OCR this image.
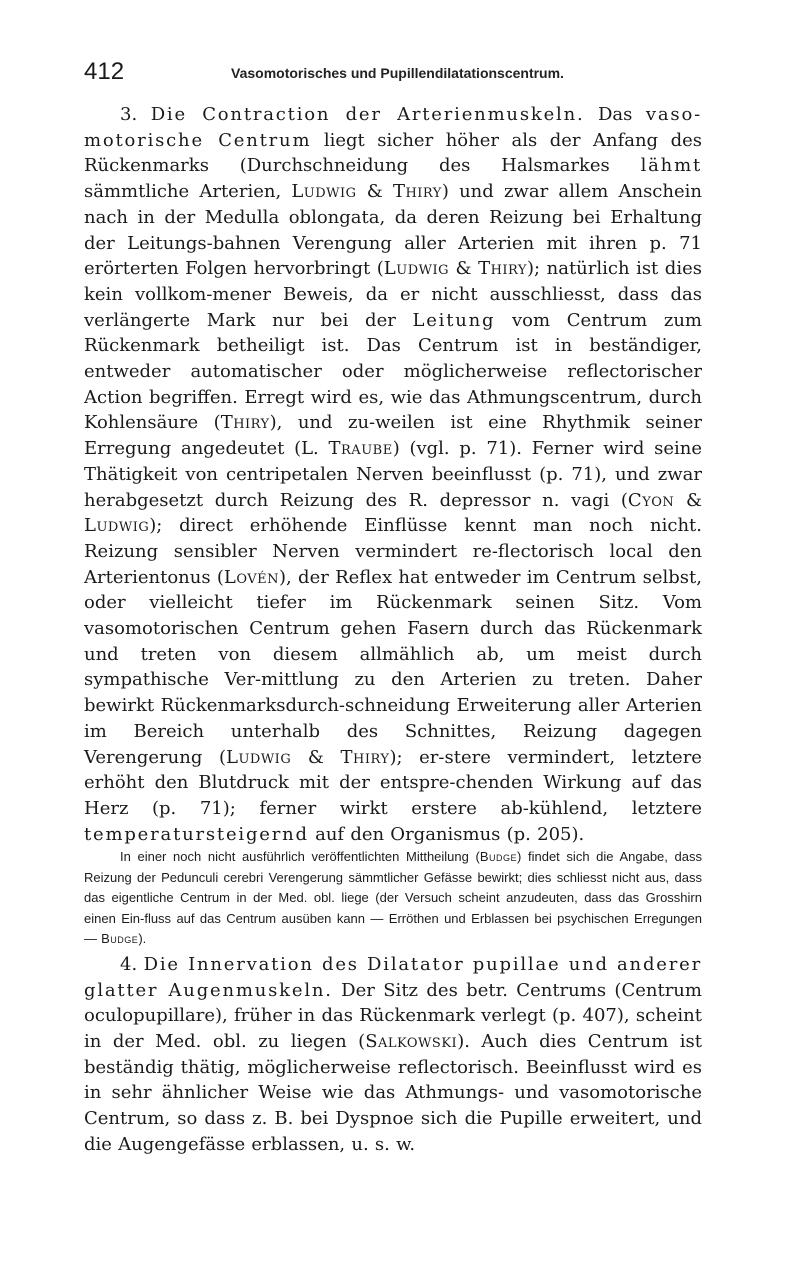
412	Vasomotorisches und Pupillendilatationscentrum.

3. Die Contraction der Arterienmuskeln. Das vaso-motorische Centrum liegt sicher höher als der Anfang des Rückenmarks (Durchschneidung des Halsmarkes lähmt sämmtliche Arterien, Ludwig & Thiry) und zwar allem Anschein nach in der Medulla oblongata, da deren Reizung bei Erhaltung der Leitungs-bahnen Verengung aller Arterien mit ihren p. 71 erörterten Folgen hervorbringt (Ludwig & Thiry); natürlich ist dies kein vollkom-mener Beweis, da er nicht ausschliesst, dass das verlängerte Mark nur bei der Leitung vom Centrum zum Rückenmark betheiligt ist. Das Centrum ist in beständiger, entweder automatischer oder möglicherweise reflectorischer Action begriffen. Erregt wird es, wie das Athmungscentrum, durch Kohlensäure (Thiry), und zu-weilen ist eine Rhythmik seiner Erregung angedeutet (L. Traube) (vgl. p. 71). Ferner wird seine Thätigkeit von centripetalen Nerven beeinflusst (p. 71), und zwar herabgesetzt durch Reizung des R. depressor n. vagi (Cyon & Ludwig); direct erhöhende Einflüsse kennt man noch nicht. Reizung sensibler Nerven vermindert re-flectorisch local den Arterientonus (Lovén), der Reflex hat entweder im Centrum selbst, oder vielleicht tiefer im Rückenmark seinen Sitz. Vom vasomotorischen Centrum gehen Fasern durch das Rückenmark und treten von diesem allmählich ab, um meist durch sympathische Ver-mittlung zu den Arterien zu treten. Daher bewirkt Rückenmarksdurch-schneidung Erweiterung aller Arterien im Bereich unterhalb des Schnittes, Reizung dagegen Verengerung (Ludwig & Thiry); er-stere vermindert, letztere erhöht den Blutdruck mit der entspre-chenden Wirkung auf das Herz (p. 71); ferner wirkt erstere ab-kühlend, letztere temperatursteigernd auf den Organismus (p. 205).

In einer noch nicht ausführlich veröffentlichten Mittheilung (Budge) findet sich die Angabe, dass Reizung der Pedunculi cerebri Verengerung sämmtlicher Gefässe bewirkt; dies schliesst nicht aus, dass das eigentliche Centrum in der Med. obl. liege (der Versuch scheint anzudeuten, dass das Grosshirn einen Ein-fluss auf das Centrum ausüben kann — Erröthen und Erblassen bei psychischen Erregungen — Budge).

4. Die Innervation des Dilatator pupillae und anderer glatter Augenmuskeln. Der Sitz des betr. Centrums (Centrum oculopupillare), früher in das Rückenmark verlegt (p. 407), scheint in der Med. obl. zu liegen (Salkowski). Auch dies Centrum ist beständig thätig, möglicherweise reflectorisch. Beeinflusst wird es in sehr ähnlicher Weise wie das Athmungs- und vasomotorische Centrum, so dass z. B. bei Dyspnoe sich die Pupille erweitert, und die Augengefässe erblassen, u. s. w.
